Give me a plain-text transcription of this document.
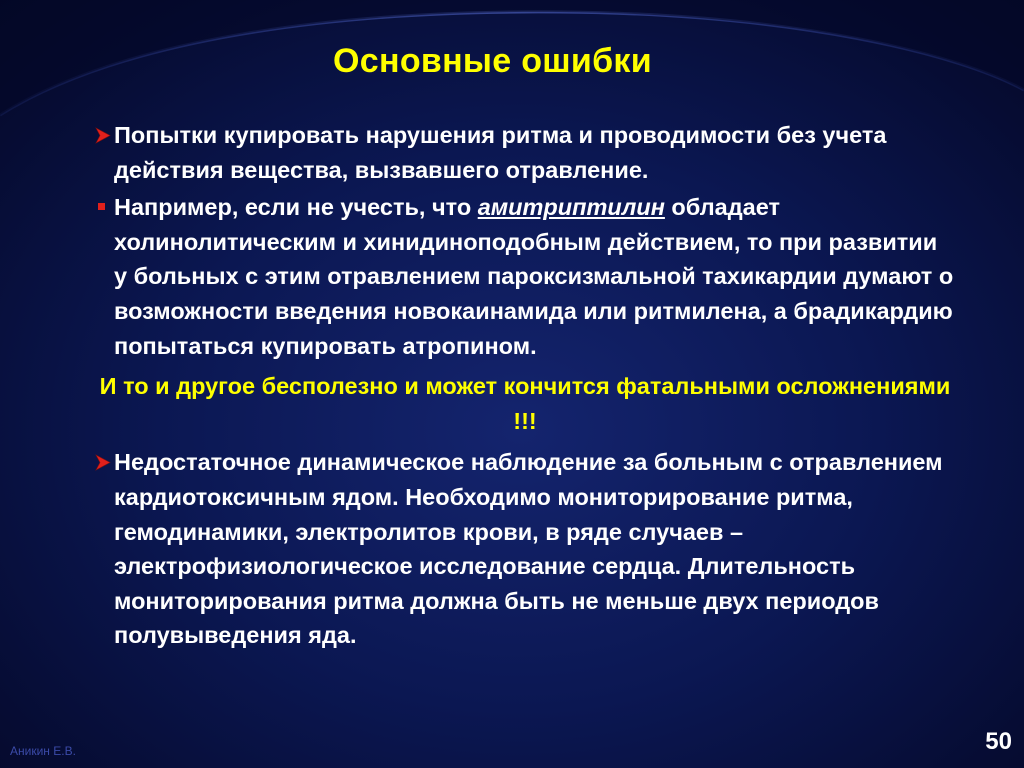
Основные ошибки

Попытки купировать нарушения ритма и проводимости без учета действия вещества, вызвавшего отравление.

Например, если не учесть, что амитриптилин обладает холинолитическим и хинидиноподобным действием, то при развитии у больных с этим отравлением пароксизмальной тахикардии думают о возможности введения новокаинамида или ритмилена, а брадикардию попытаться купировать атропином.

И то и другое бесполезно и может кончится фатальными осложнениями !!!

Недостаточное динамическое наблюдение за больным с отравлением кардиотоксичным ядом. Необходимо мониторирование ритма, гемодинамики, электролитов крови, в ряде случаев – электрофизиологическое исследование сердца. Длительность мониторирования ритма должна быть не меньше двух периодов полувыведения яда.

Аникин Е.В.	50
